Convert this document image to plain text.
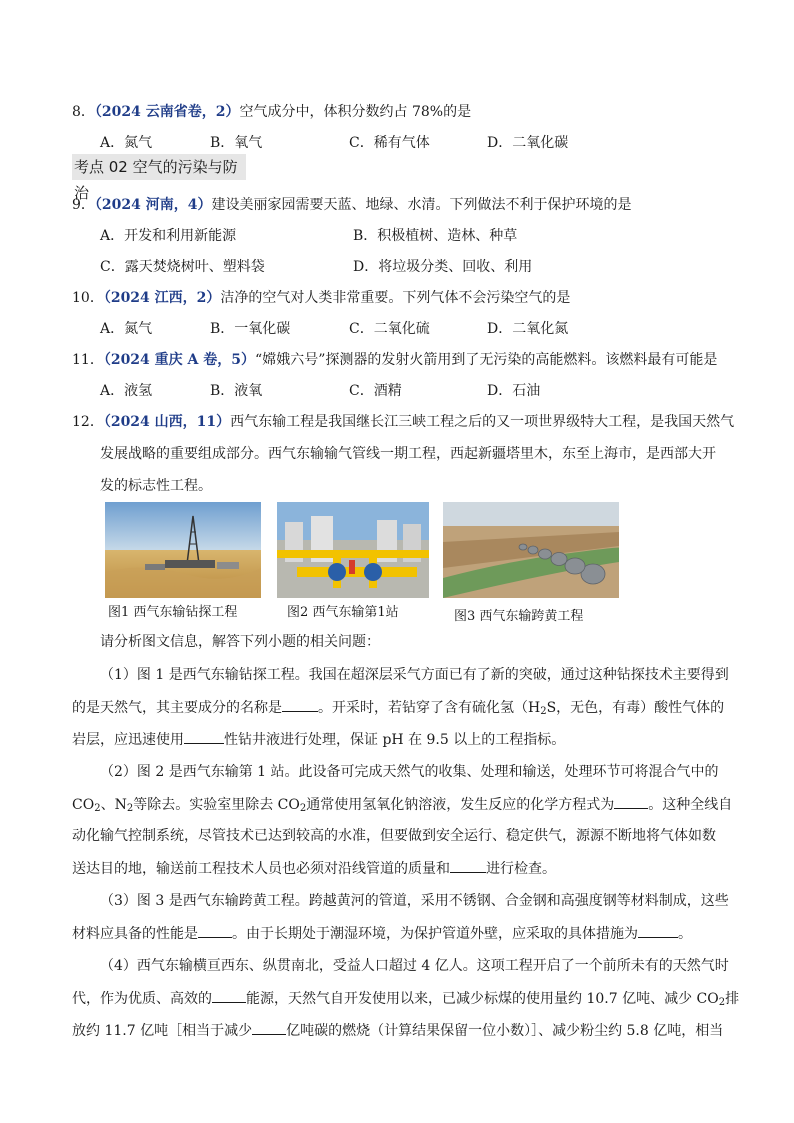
8．（2024 云南省卷，2）空气成分中，体积分数约占 78%的是
A．氮气	B．氧气	C．稀有气体	D．二氧化碳
考点 02 空气的污染与防治
9．（2024 河南，4）建设美丽家园需要天蓝、地绿、水清。下列做法不利于保护环境的是
A．开发和利用新能源	B．积极植树、造林、种草
C．露天焚烧树叶、塑料袋	D．将垃圾分类、回收、利用
10．（2024 江西，2）洁净的空气对人类非常重要。下列气体不会污染空气的是
A．氮气	B．一氧化碳	C．二氧化硫	D．二氧化氮
11．（2024 重庆 A 卷，5）“嫦娥六号”探测器的发射火箭用到了无污染的高能燃料。该燃料最有可能是
A．液氢	B．液氧	C．酒精	D．石油
12．（2024 山西，11）西气东输工程是我国继长江三峡工程之后的又一项世界级特大工程，是我国天然气
发展战略的重要组成部分。西气东输输气管线一期工程，西起新疆塔里木，东至上海市，是西部大开
发的标志性工程。
图1 西气东输钻探工程	图2 西气东输第1站	图3 西气东输跨黄工程
请分析图文信息，解答下列小题的相关问题：
（1）图 1 是西气东输钻探工程。我国在超深层采气方面已有了新的突破，通过这种钻探技术主要得到
的是天然气，其主要成分的名称是	。开采时，若钻穿了含有硫化氢（$H_2S$，无色，有毒）酸性气体的
岩层，应迅速使用	性钻井液进行处理，保证 pH 在 9.5 以上的工程指标。
（2）图 2 是西气东输第 1 站。此设备可完成天然气的收集、处理和输送，处理环节可将混合气中的
$CO_2$、$N_2$等除去。实验室里除去 $CO_2$通常使用氢氧化钠溶液，发生反应的化学方程式为 。这种全线自
动化输气控制系统，尽管技术已达到较高的水准，但要做到安全运行、稳定供气，源源不断地将气体如数
送达目的地，输送前工程技术人员也必须对沿线管道的质量和	进行检查。
（3）图 3 是西气东输跨黄工程。跨越黄河的管道，采用不锈钢、合金钢和高强度钢等材料制成，这些
材料应具备的性能是 。由于长期处于潮湿环境，为保护管道外壁，应采取的具体措施为	。
（4）西气东输横亘西东、纵贯南北，受益人口超过 4 亿人。这项工程开启了一个前所未有的天然气时
代，作为优质、高效的 能源，天然气自开发使用以来，已减少标煤的使用量约 10.7 亿吨、减少 $CO_2$排
放约 11.7 亿吨［相当于减少 亿吨碳的燃烧（计算结果保留一位小数）］、减少粉尘约 5.8 亿吨，相当
